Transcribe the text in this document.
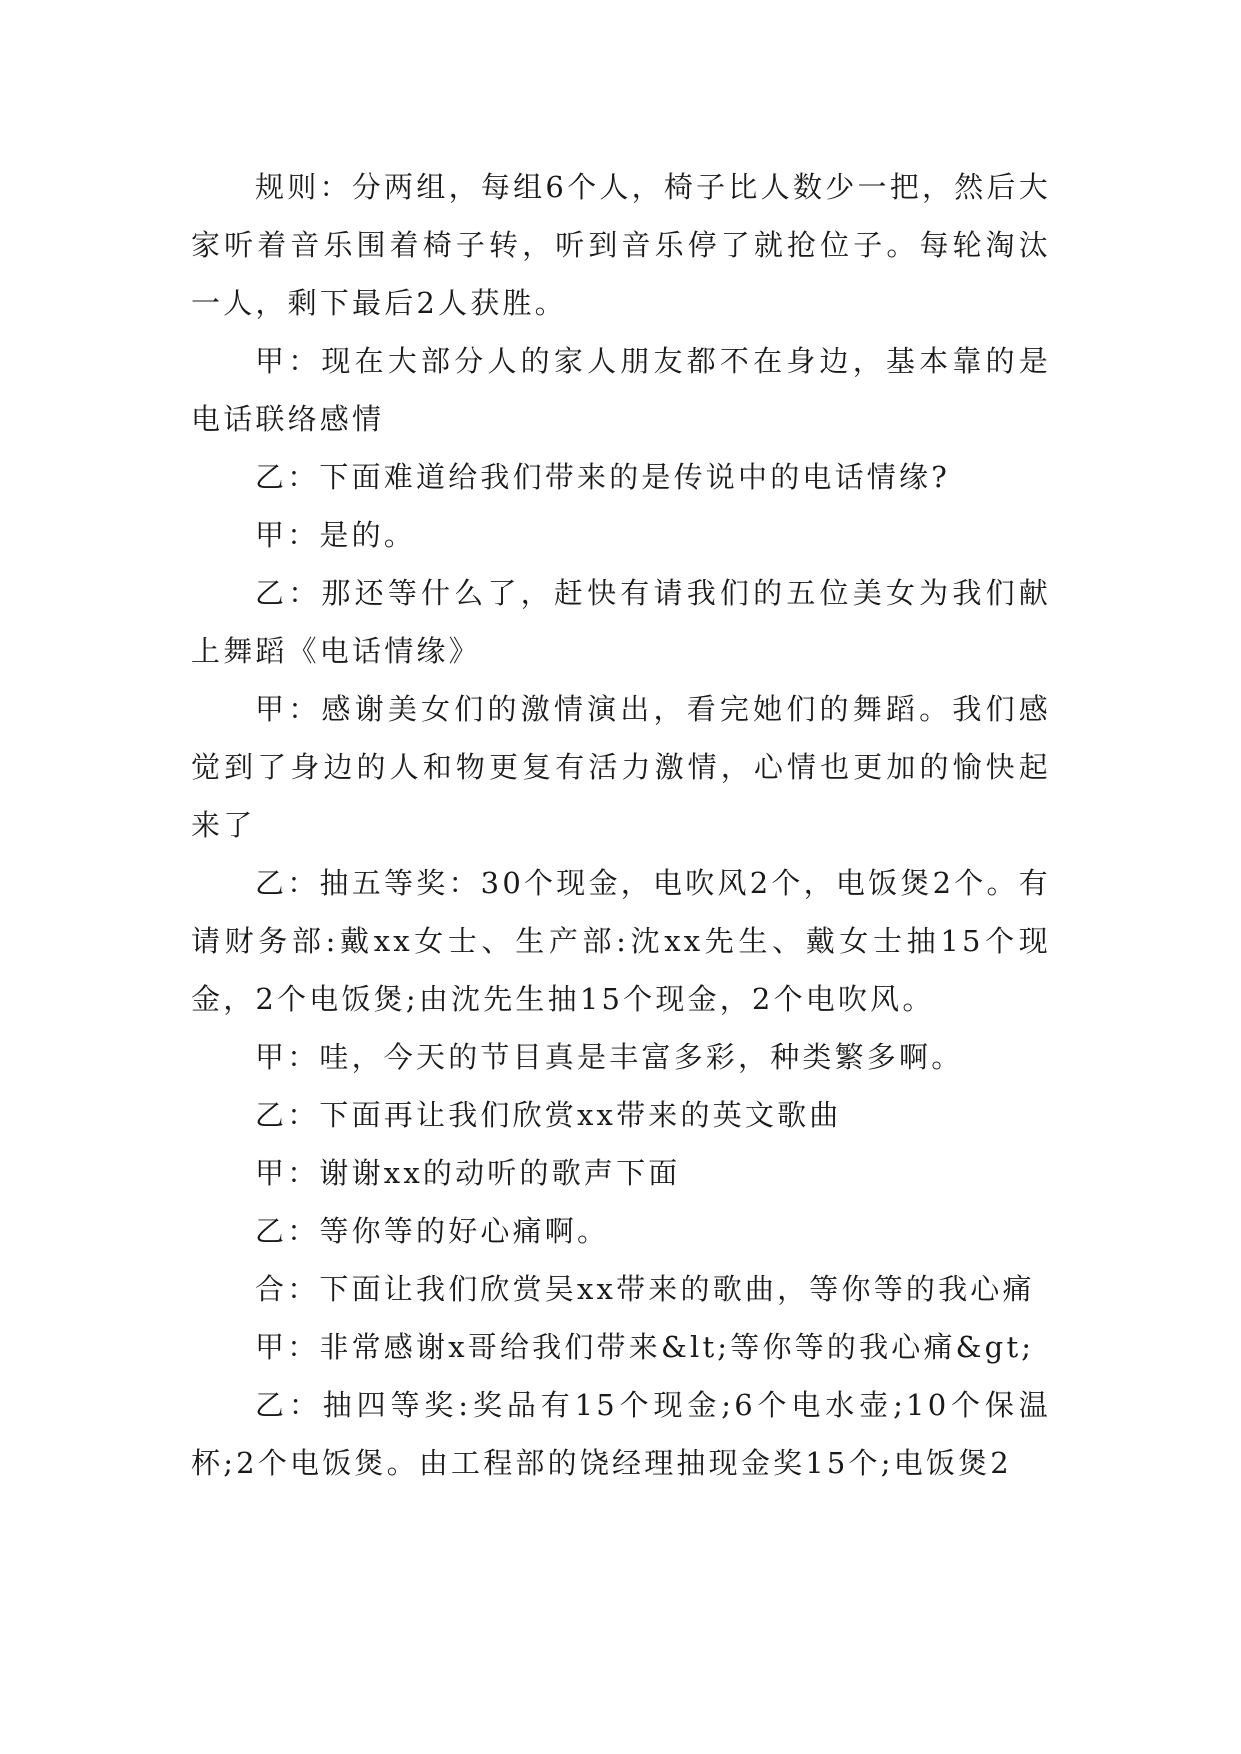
规则：分两组，每组6个人，椅子比人数少一把，然后大家听着音乐围着椅子转，听到音乐停了就抢位子。每轮淘汰一人，剩下最后2人获胜。

甲：现在大部分人的家人朋友都不在身边，基本靠的是电话联络感情

乙：下面难道给我们带来的是传说中的电话情缘?

甲：是的。

乙：那还等什么了，赶快有请我们的五位美女为我们献上舞蹈《电话情缘》

甲：感谢美女们的激情演出，看完她们的舞蹈。我们感觉到了身边的人和物更复有活力激情，心情也更加的愉快起来了

乙：抽五等奖：30个现金，电吹风2个，电饭煲2个。有请财务部:戴xx女士、生产部:沈xx先生、戴女士抽15个现金，2个电饭煲;由沈先生抽15个现金，2个电吹风。

甲：哇，今天的节目真是丰富多彩，种类繁多啊。

乙：下面再让我们欣赏xx带来的英文歌曲

甲：谢谢xx的动听的歌声下面

乙：等你等的好心痛啊。

合：下面让我们欣赏吴xx带来的歌曲，等你等的我心痛

甲：非常感谢x哥给我们带来&lt;等你等的我心痛&gt;

乙：抽四等奖:奖品有15个现金;6个电水壶;10个保温杯;2个电饭煲。由工程部的饶经理抽现金奖15个;电饭煲2
